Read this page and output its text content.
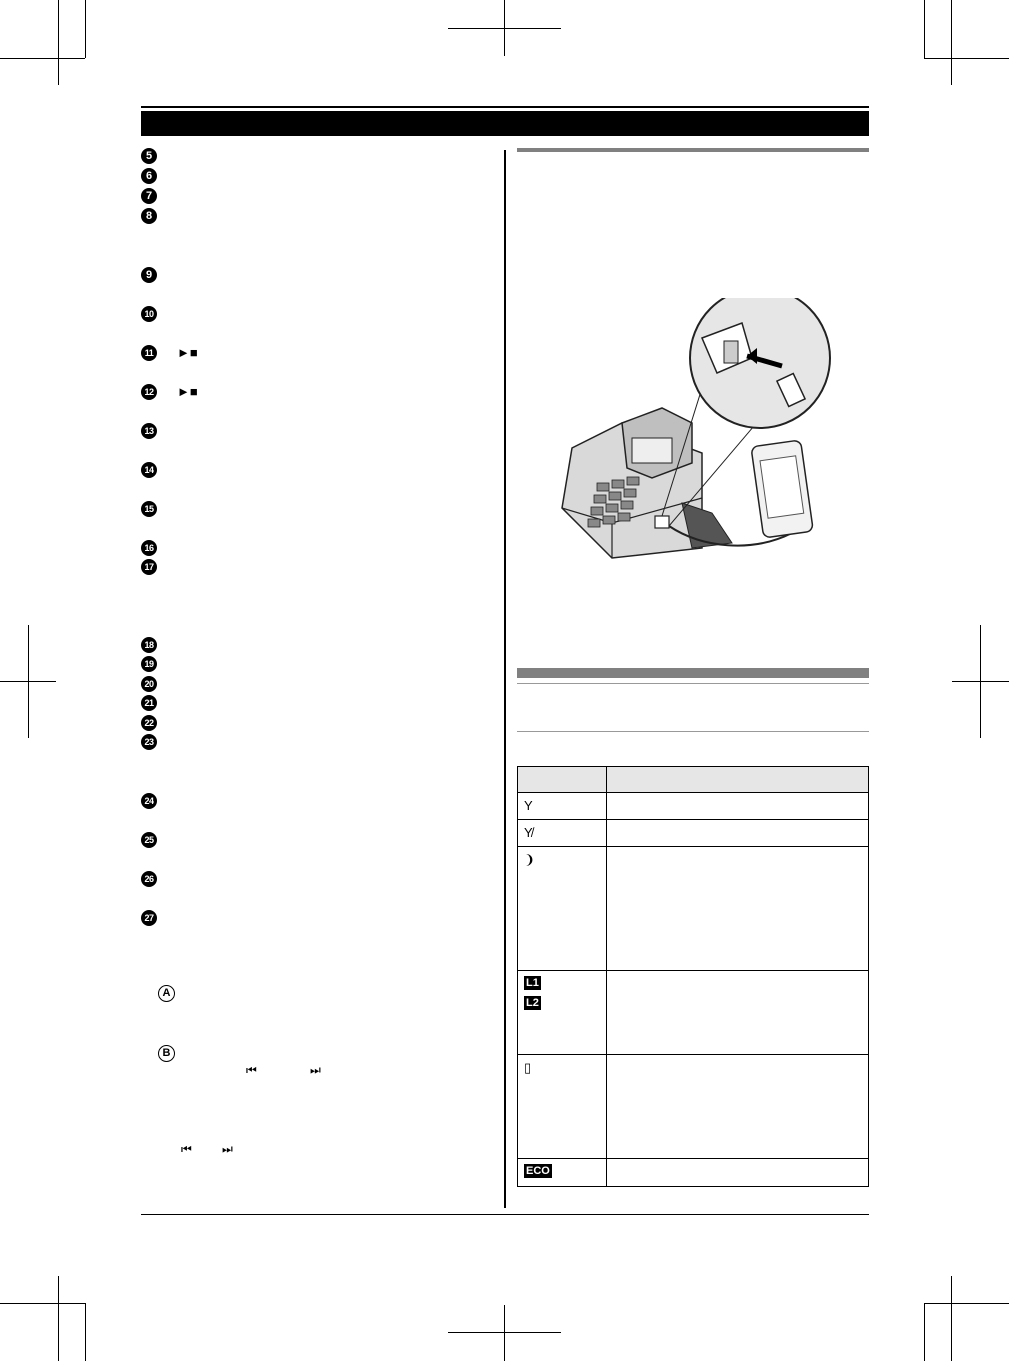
5
6
7
8
9
10
11 ►■
12 ►■
13
14
15
16
17
18
19
20
21
22
23
24
25
26
27
A
B
⏮	⏭
⏮	⏭

Y	
Y̸	
❩	
L1
L2	
▯	
ECO	
